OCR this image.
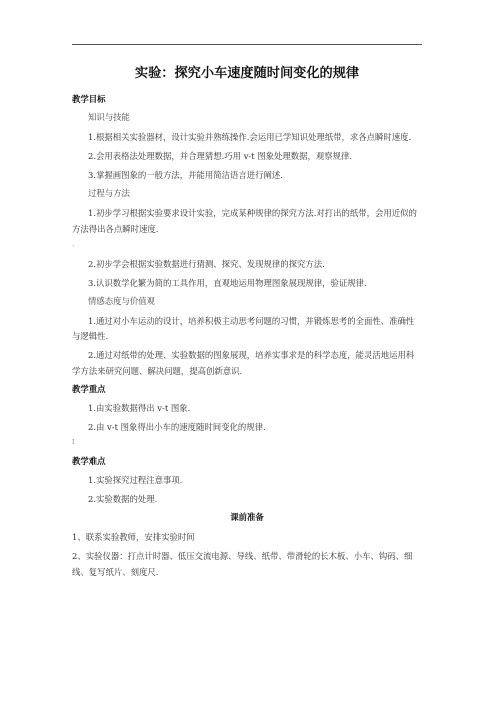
实验：探究小车速度随时间变化的规律
教学目标
知识与技能
1.根据相关实验器材，设计实验并熟练操作.会运用已学知识处理纸带，求各点瞬时速度.
2.会用表格法处理数据，并合理猜想.巧用 v-t 图象处理数据，观察规律.
3.掌握画图象的一般方法，并能用简洁语言进行阐述.
过程与方法
1.初步学习根据实验要求设计实验，完成某种规律的探究方法.对打出的纸带，会用近似的方法得出各点瞬时速度.
、
2.初步学会根据实验数据进行猜测、探究、发现规律的探究方法.
3.认识数学化繁为简的工具作用，直观地运用物理图象展现规律，验证规律.
情感态度与价值观
1.通过对小车运动的设计，培养积极主动思考问题的习惯，并锻炼思考的全面性、准确性与逻辑性.
2.通过对纸带的处理、实验数据的图象展现，培养实事求是的科学态度，能灵活地运用科学方法来研究问题、解决问题，提高创新意识.
教学重点
1.由实验数据得出 v-t 图象.
2.由 v-t 图象得出小车的速度随时间变化的规律.
I
教学难点
1.实验探究过程注意事项.
2.实验数据的处理.
课前准备
1、联系实验教师，安排实验时间
2、实验仪器：打点计时器、低压交流电源、导线、纸带、带滑轮的长木板、小车、钩码、细线、复写纸片、刻度尺.
